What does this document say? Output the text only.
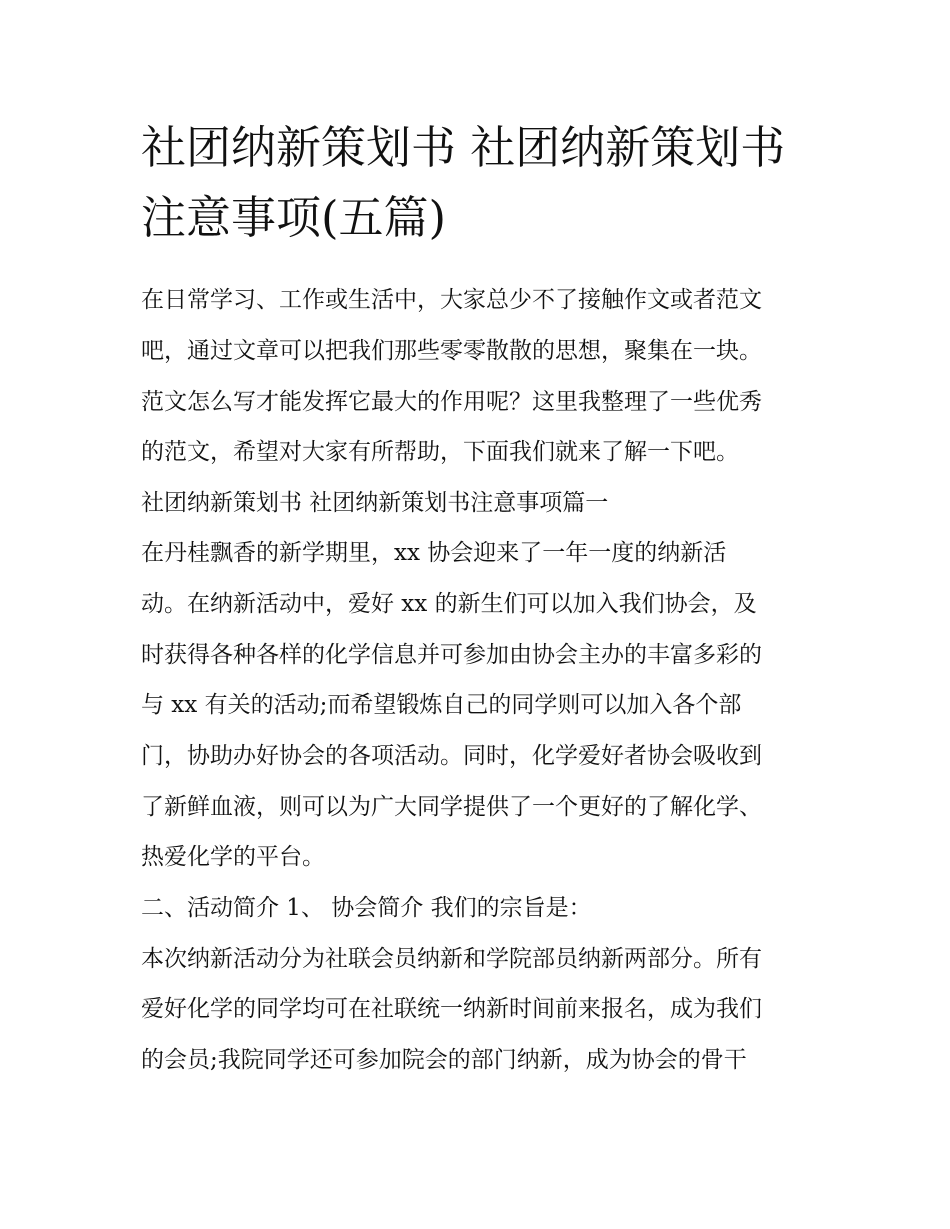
社团纳新策划书 社团纳新策划书注意事项(五篇)
在日常学习、工作或生活中，大家总少不了接触作文或者范文
吧，通过文章可以把我们那些零零散散的思想，聚集在一块。
范文怎么写才能发挥它最大的作用呢？这里我整理了一些优秀
的范文，希望对大家有所帮助，下面我们就来了解一下吧。
社团纳新策划书 社团纳新策划书注意事项篇一
在丹桂飘香的新学期里，xx 协会迎来了一年一度的纳新活
动。在纳新活动中，爱好 xx 的新生们可以加入我们协会，及
时获得各种各样的化学信息并可参加由协会主办的丰富多彩的
与 xx 有关的活动;而希望锻炼自己的同学则可以加入各个部
门，协助办好协会的各项活动。同时，化学爱好者协会吸收到
了新鲜血液，则可以为广大同学提供了一个更好的了解化学、
热爱化学的平台。
二、活动简介 1、 协会简介 我们的宗旨是：
本次纳新活动分为社联会员纳新和学院部员纳新两部分。所有
爱好化学的同学均可在社联统一纳新时间前来报名，成为我们
的会员;我院同学还可参加院会的部门纳新，成为协会的骨干
